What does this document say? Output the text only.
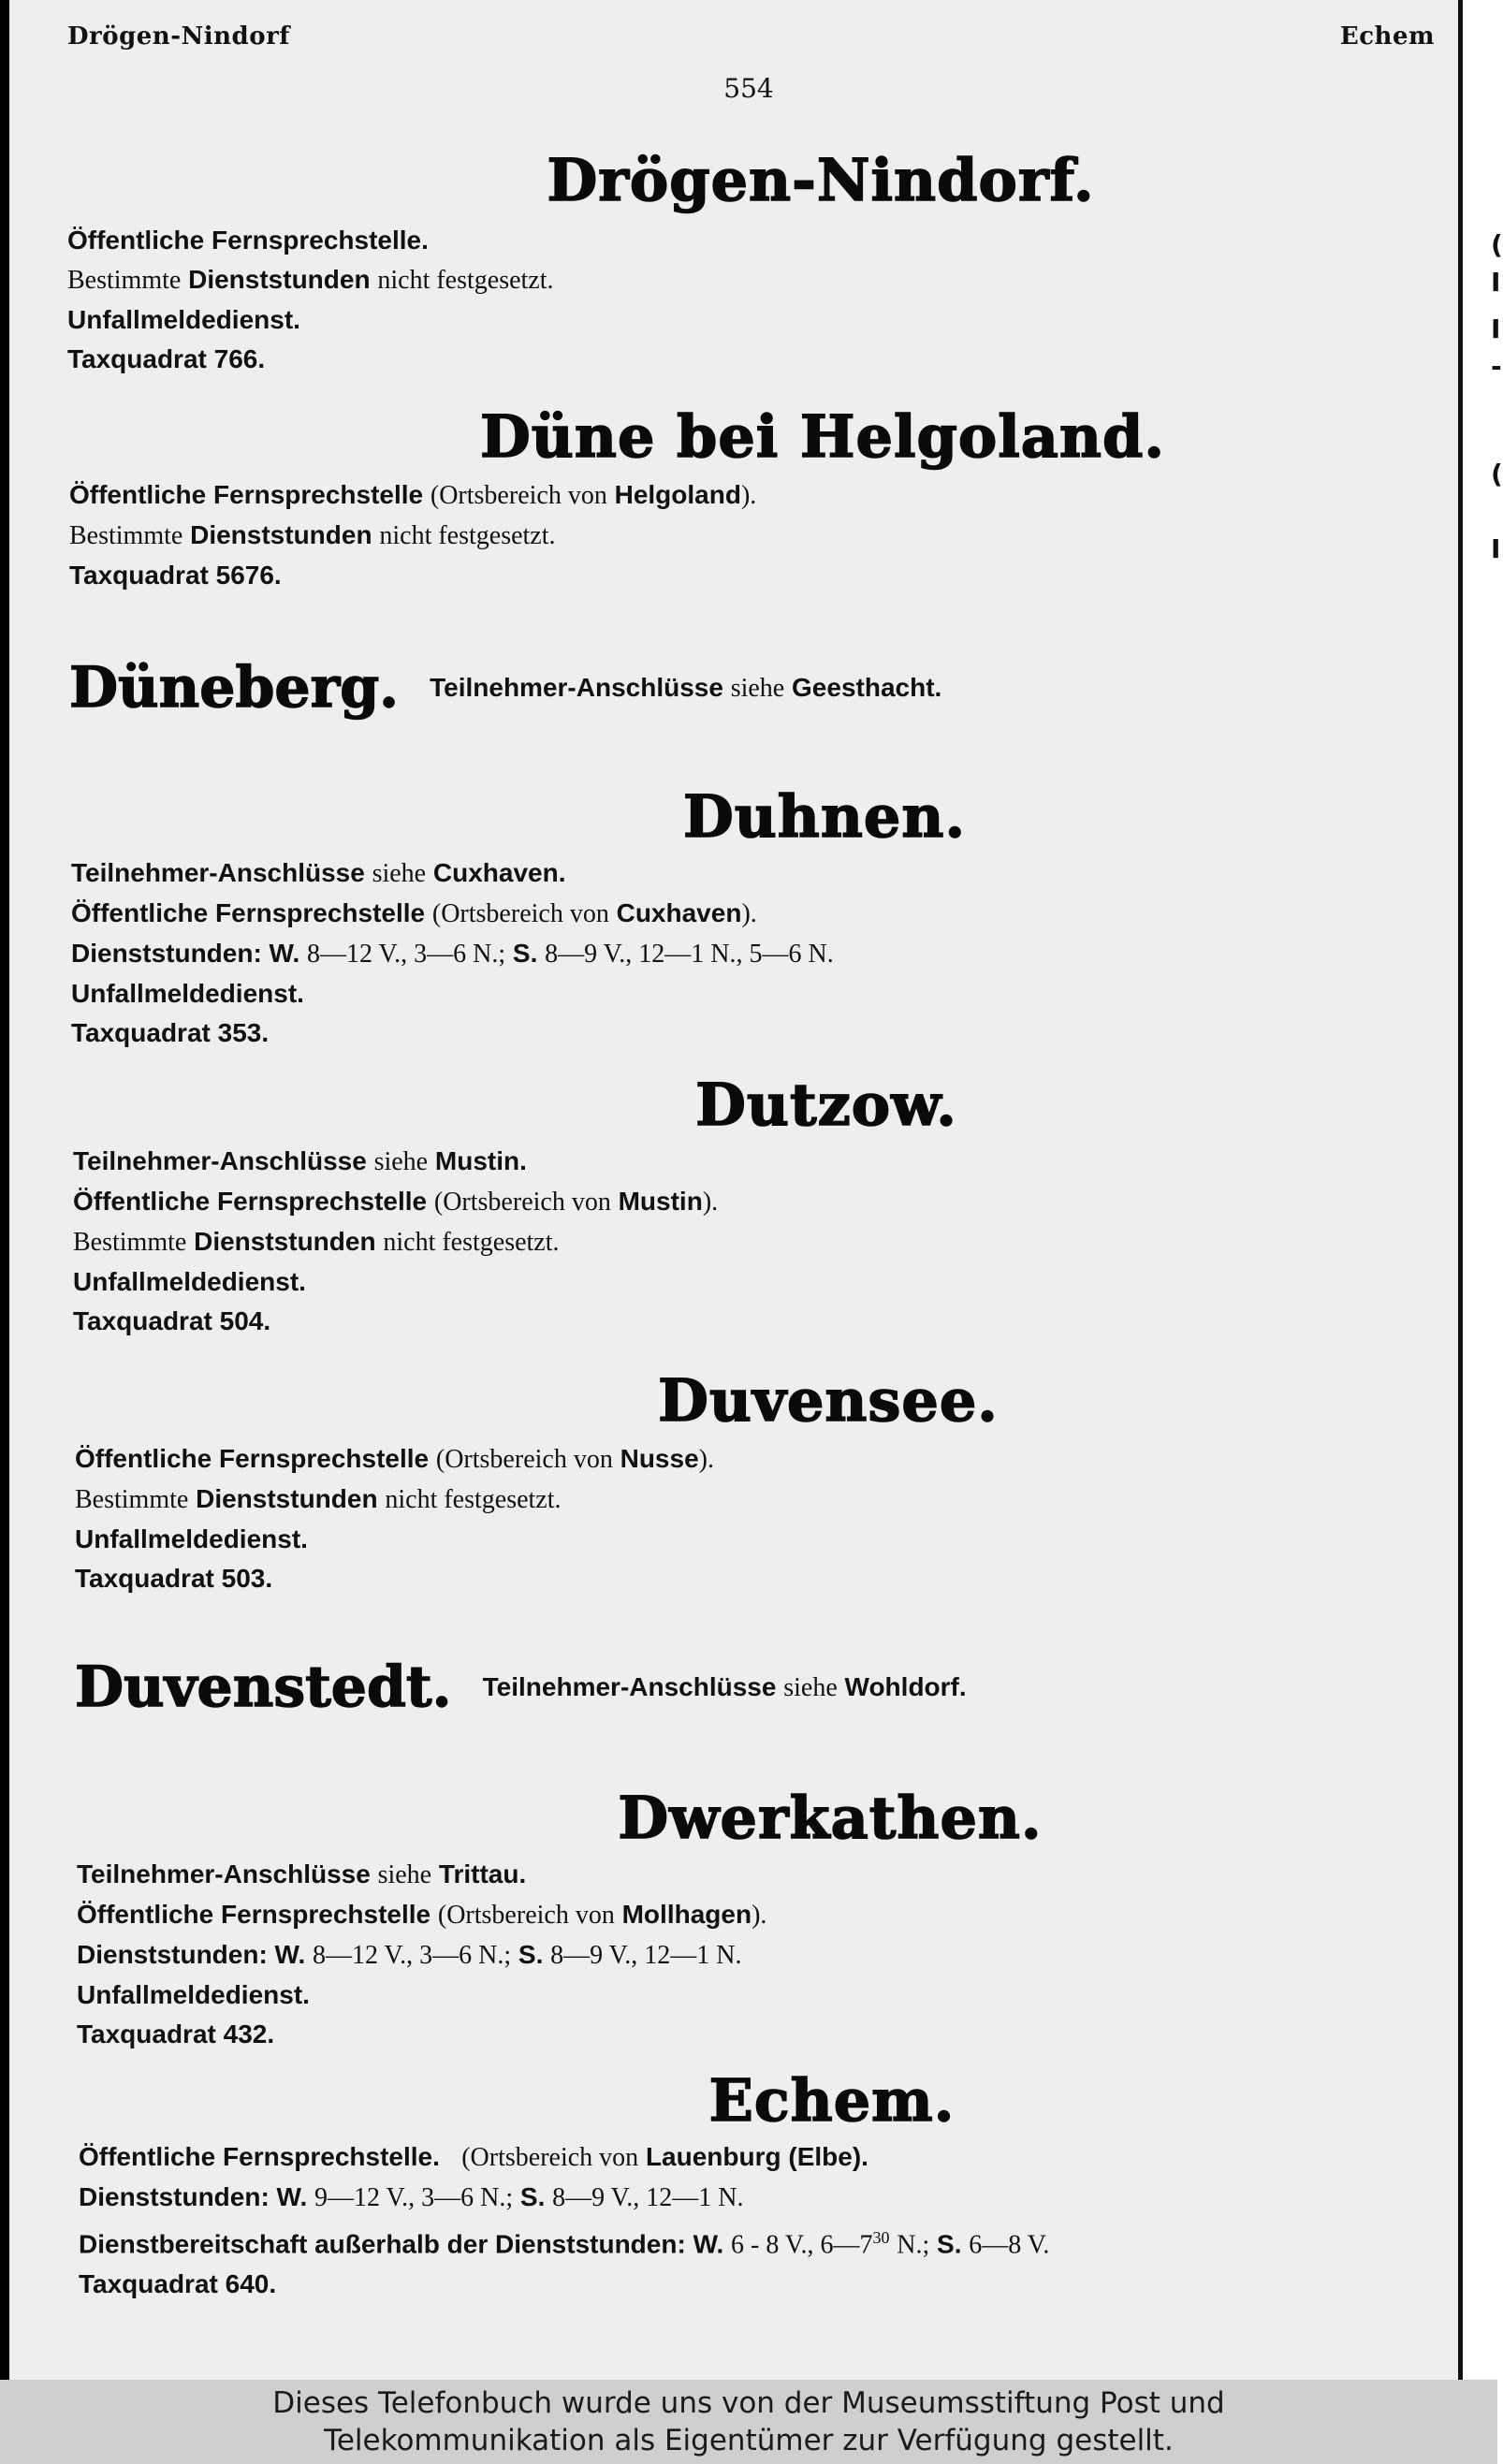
Drögen-Nindorf	Echem
554
(
I
I
-
(
I
Drögen-Nindorf.
Öffentliche Fernsprechstelle.
Bestimmte Dienststunden nicht festgesetzt.
Unfallmeldedienst.
Taxquadrat 766.
Düne bei Helgoland.
Öffentliche Fernsprechstelle (Ortsbereich von Helgoland).
Bestimmte Dienststunden nicht festgesetzt.
Taxquadrat 5676.
Düneberg. Teilnehmer-Anschlüsse siehe Geesthacht.
Duhnen.
Teilnehmer-Anschlüsse siehe Cuxhaven.
Öffentliche Fernsprechstelle (Ortsbereich von Cuxhaven).
Dienststunden: W. 8—12 V., 3—6 N.; S. 8—9 V., 12—1 N., 5—6 N.
Unfallmeldedienst.
Taxquadrat 353.
Dutzow.
Teilnehmer-Anschlüsse siehe Mustin.
Öffentliche Fernsprechstelle (Ortsbereich von Mustin).
Bestimmte Dienststunden nicht festgesetzt.
Unfallmeldedienst.
Taxquadrat 504.
Duvensee.
Öffentliche Fernsprechstelle (Ortsbereich von Nusse).
Bestimmte Dienststunden nicht festgesetzt.
Unfallmeldedienst.
Taxquadrat 503.
Duvenstedt. Teilnehmer-Anschlüsse siehe Wohldorf.
Dwerkathen.
Teilnehmer-Anschlüsse siehe Trittau.
Öffentliche Fernsprechstelle (Ortsbereich von Mollhagen).
Dienststunden: W. 8—12 V., 3—6 N.; S. 8—9 V., 12—1 N.
Unfallmeldedienst.
Taxquadrat 432.
Echem.
Öffentliche Fernsprechstelle. (Ortsbereich von Lauenburg (Elbe).
Dienststunden: W. 9—12 V., 3—6 N.; S. 8—9 V., 12—1 N.
Dienstbereitschaft außerhalb der Dienststunden: W. 6 - 8 V., $6—7^{30}$ N.; S. 6—8 V.
Taxquadrat 640.
Dieses Telefonbuch wurde uns von der Museumsstiftung Post und
Telekommunikation als Eigentümer zur Verfügung gestellt.
